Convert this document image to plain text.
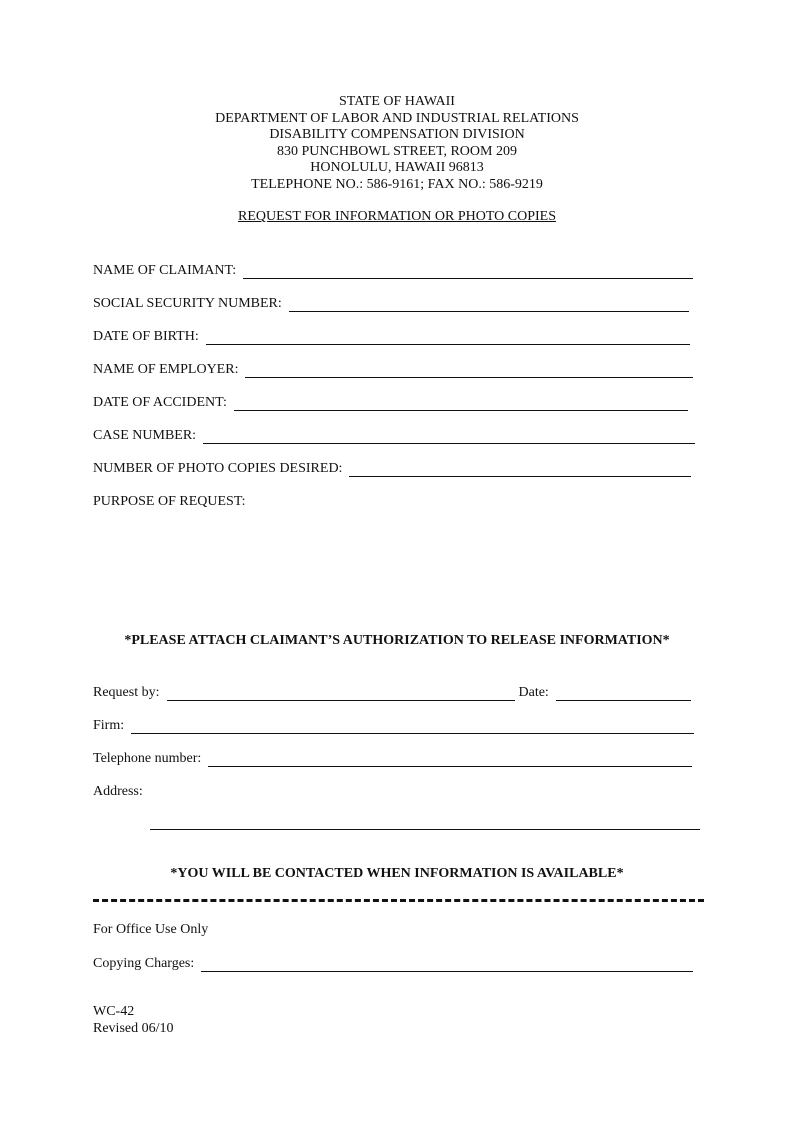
STATE OF HAWAII
DEPARTMENT OF LABOR AND INDUSTRIAL RELATIONS
DISABILITY COMPENSATION DIVISION
830 PUNCHBOWL STREET, ROOM 209
HONOLULU, HAWAII 96813
TELEPHONE NO.: 586-9161; FAX NO.: 586-9219
REQUEST FOR INFORMATION OR PHOTO COPIES
NAME OF CLAIMANT:
SOCIAL SECURITY NUMBER:
DATE OF BIRTH:
NAME OF EMPLOYER:
DATE OF ACCIDENT:
CASE NUMBER:
NUMBER OF PHOTO COPIES DESIRED:
PURPOSE OF REQUEST:
*PLEASE ATTACH CLAIMANT’S AUTHORIZATION TO RELEASE INFORMATION*
Request by:	Date:
Firm:
Telephone number:
Address:
*YOU WILL BE CONTACTED WHEN INFORMATION IS AVAILABLE*
For Office Use Only
Copying Charges:
WC-42
Revised 06/10
